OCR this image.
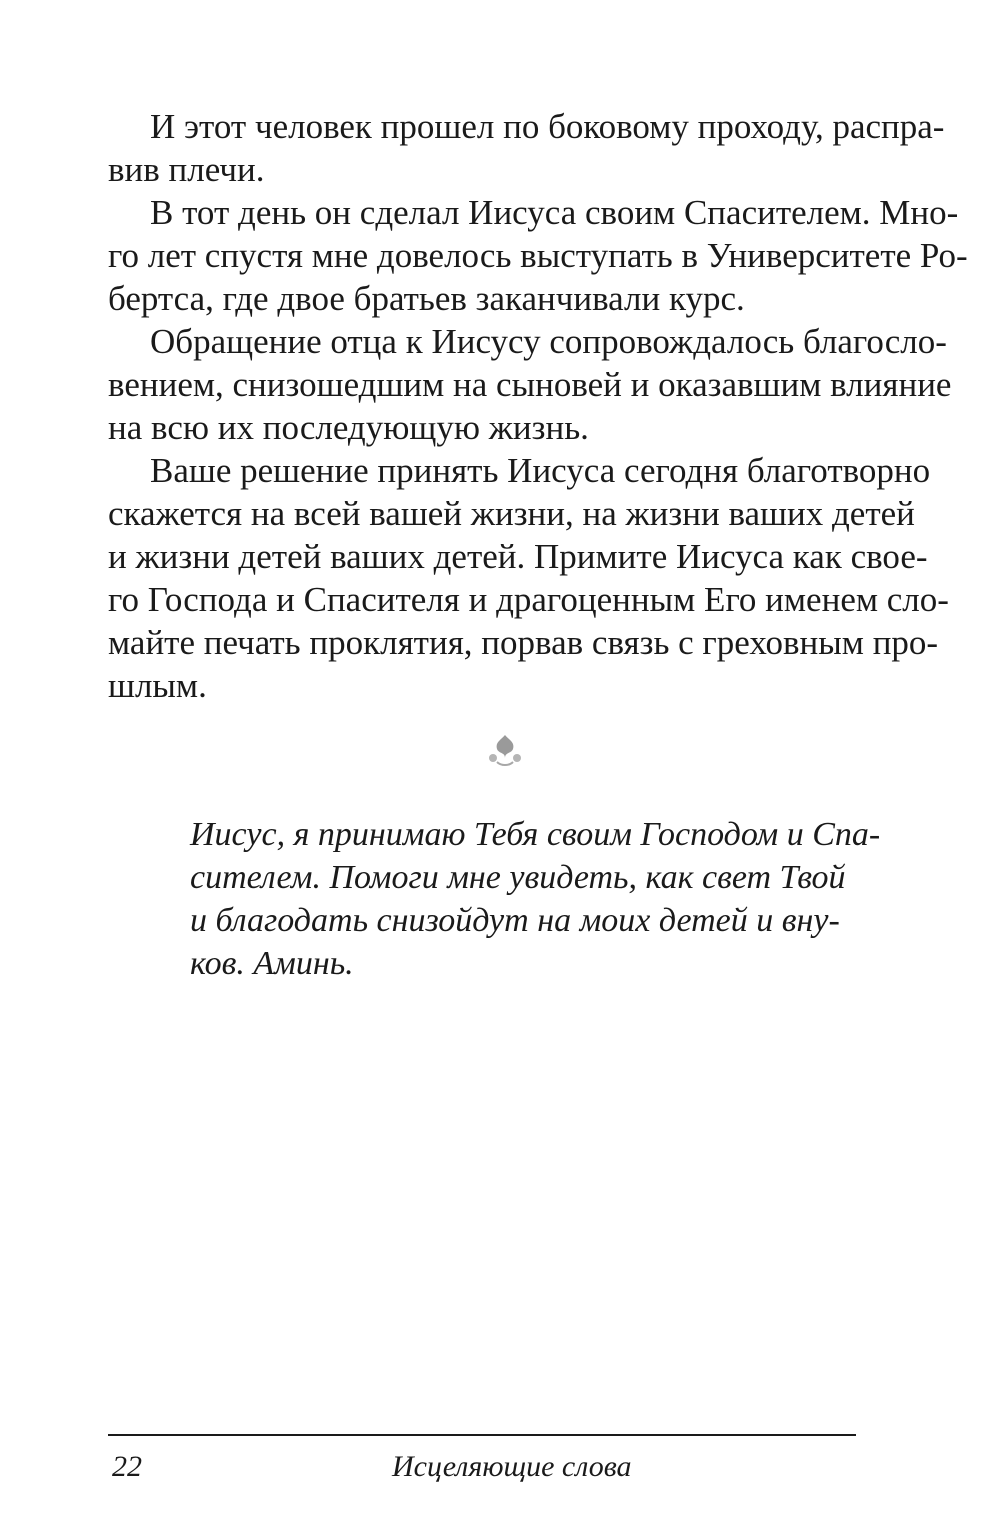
И этот человек прошел по боковому проходу, распра-
вив плечи.
В тот день он сделал Иисуса своим Спасителем. Мно-
го лет спустя мне довелось выступать в Университете Ро-
бертса, где двое братьев заканчивали курс.
Обращение отца к Иисусу сопровождалось благосло-
вением, снизошедшим на сыновей и оказавшим влияние
на всю их последующую жизнь.
Ваше решение принять Иисуса сегодня благотворно
скажется на всей вашей жизни, на жизни ваших детей
и жизни детей ваших детей. Примите Иисуса как свое-
го Господа и Спасителя и драгоценным Его именем сло-
майте печать проклятия, порвав связь с греховным про-
шлым.
Иисус, я принимаю Тебя своим Господом и Спа-
сителем. Помоги мне увидеть, как свет Твой
и благодать снизойдут на моих детей и вну-
ков. Аминь.
22	Исцеляющие слова
